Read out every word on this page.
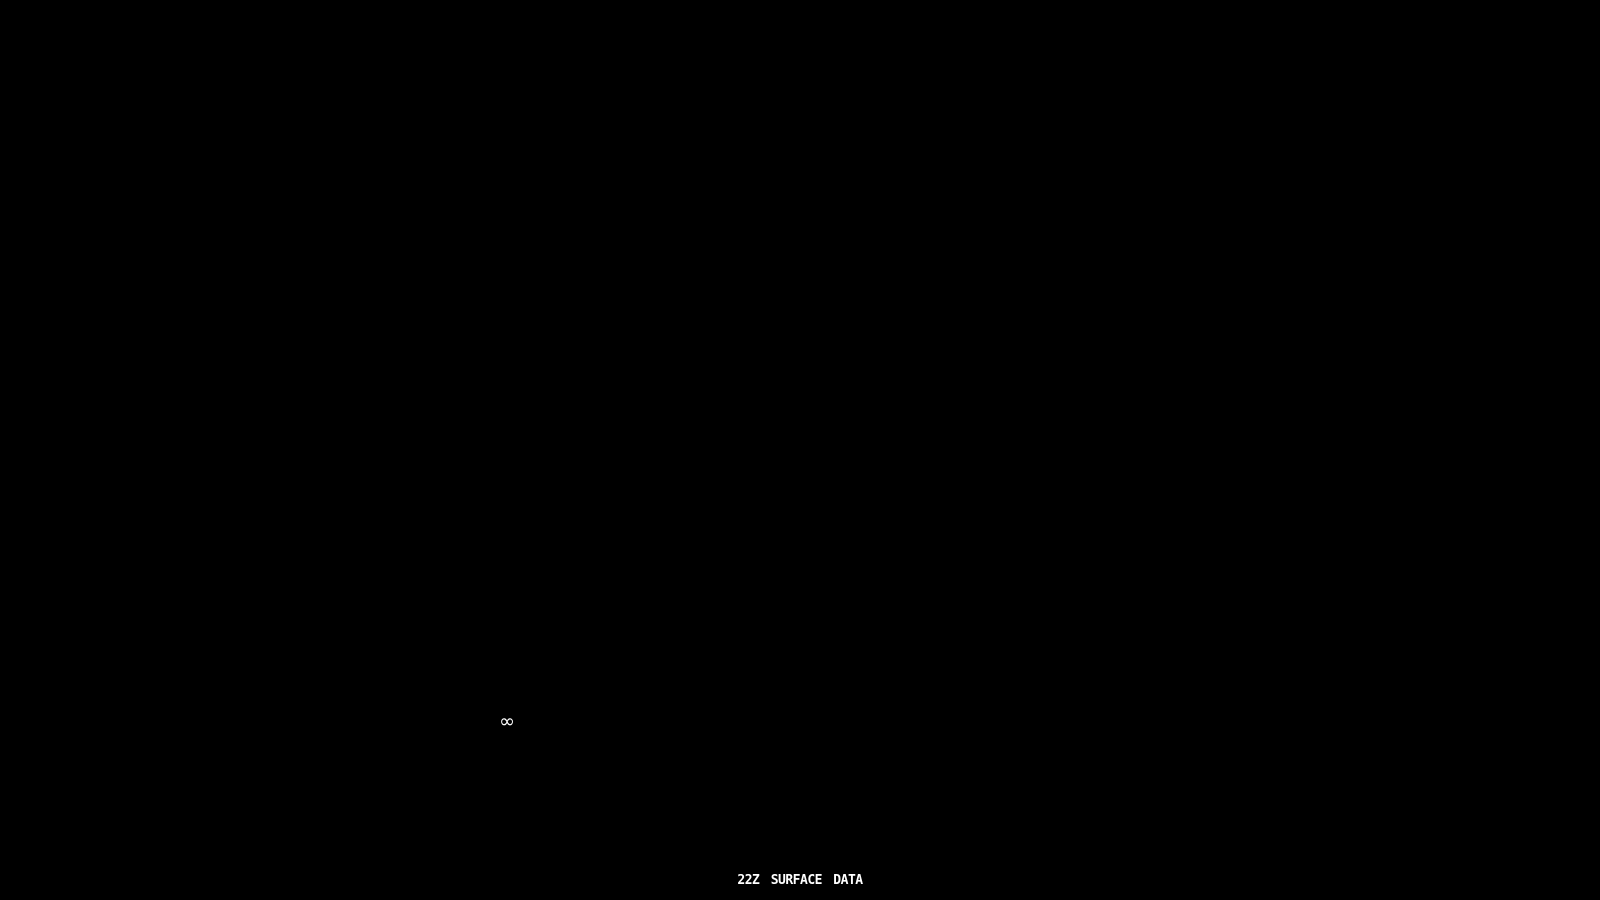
∞
22Z SURFACE DATA
